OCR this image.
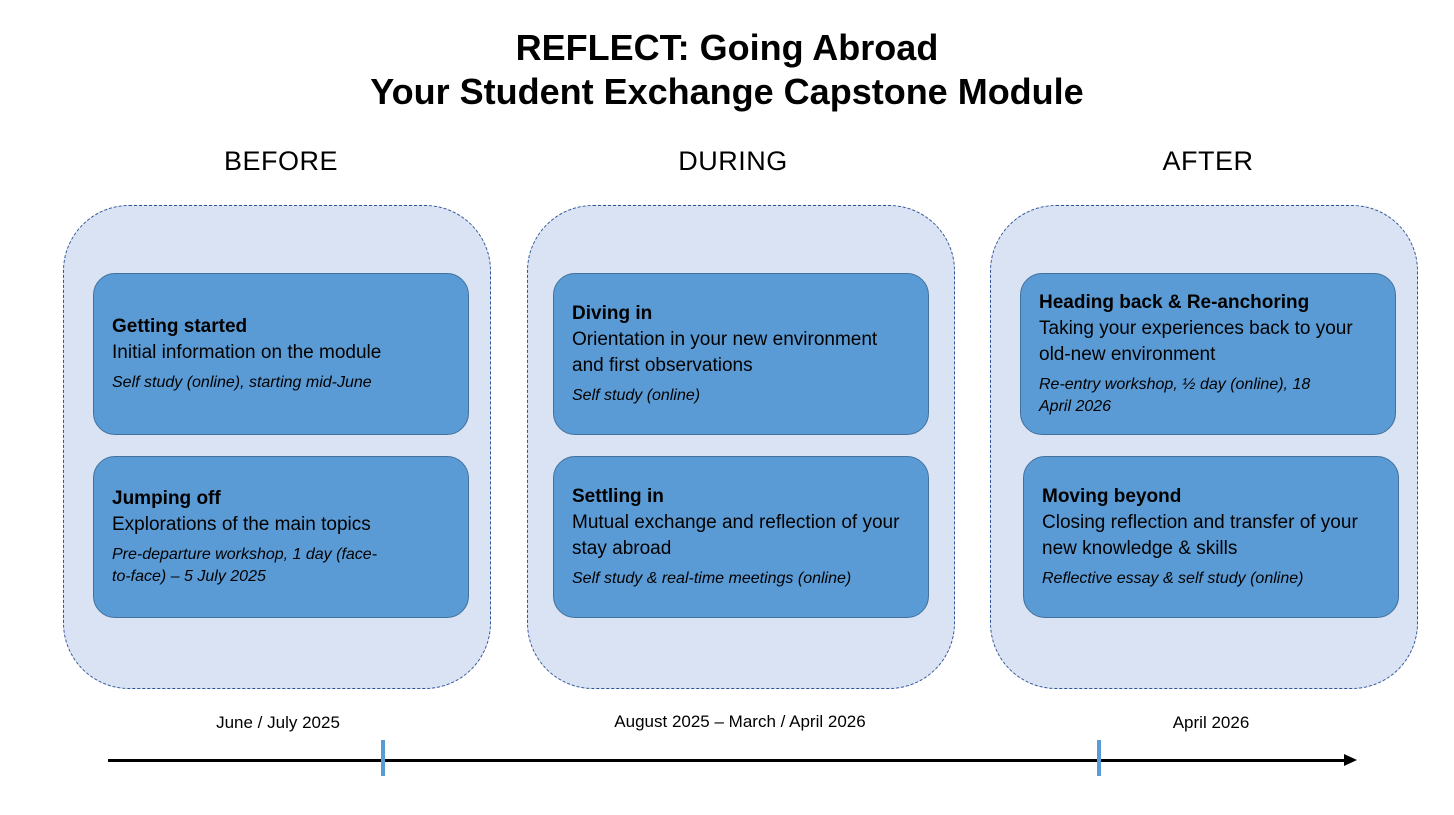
REFLECT: Going Abroad
Your Student Exchange Capstone Module
BEFORE	DURING	AFTER
Getting started
Initial information on the module
Self study (online), starting mid-June
Jumping off
Explorations of the main topics
Pre-departure workshop, 1 day (face-to-face) – 5 July 2025
Diving in
Orientation in your new environment and first observations
Self study (online)
Settling in
Mutual exchange and reflection of your stay abroad
Self study & real-time meetings (online)
Heading back & Re-anchoring
Taking your experiences back to your old-new environment
Re-entry workshop, ½ day (online), 18 April 2026
Moving beyond
Closing reflection and transfer of your new knowledge & skills
Reflective essay & self study (online)
June / July 2025	August 2025 – March / April 2026	April 2026
